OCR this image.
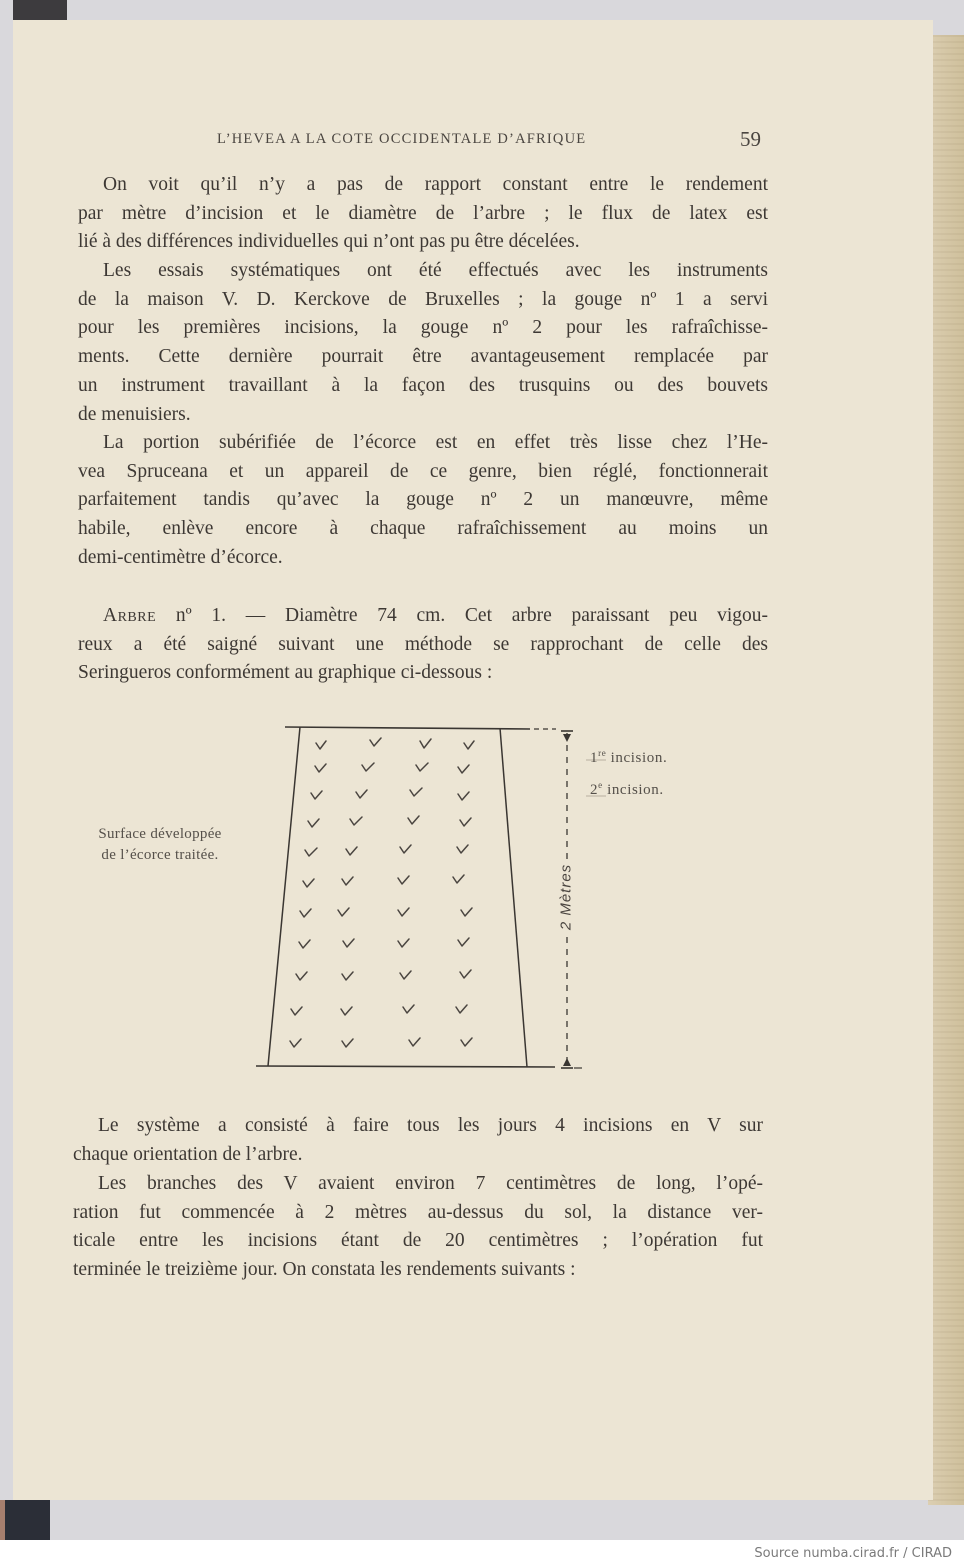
L’HEVEA A LA COTE OCCIDENTALE D’AFRIQUE	59
On voit qu’il n’y a pas de rapport constant entre le rendement
par mètre d’incision et le diamètre de l’arbre ; le flux de latex est
lié à des différences individuelles qui n’ont pas pu être décelées.
Les essais systématiques ont été effectués avec les instruments
de la maison V. D. Kerckove de Bruxelles ; la gouge nº 1 a servi
pour les premières incisions, la gouge nº 2 pour les rafraîchisse-
ments. Cette dernière pourrait être avantageusement remplacée par
un instrument travaillant à la façon des trusquins ou des bouvets
de menuisiers.
La portion subérifiée de l’écorce est en effet très lisse chez l’He-
vea Spruceana et un appareil de ce genre, bien réglé, fonctionnerait
parfaitement tandis qu’avec la gouge nº 2 un manœuvre, même
habile, enlève encore à chaque rafraîchissement au moins un
demi-centimètre d’écorce.
Arbre nº 1. — Diamètre 74 cm. Cet arbre paraissant peu vigou-
reux a été saigné suivant une méthode se rapprochant de celle des
Seringueros conformément au graphique ci-dessous :
Surface développée
de l’écorce traitée.
1re incision.
2e incision.
2 Mètres
Le système a consisté à faire tous les jours 4 incisions en V sur
chaque orientation de l’arbre.
Les branches des V avaient environ 7 centimètres de long, l’opé-
ration fut commencée à 2 mètres au-dessus du sol, la distance ver-
ticale entre les incisions étant de 20 centimètres ; l’opération fut
terminée le treizième jour. On constata les rendements suivants :
Source numba.cirad.fr / CIRAD
